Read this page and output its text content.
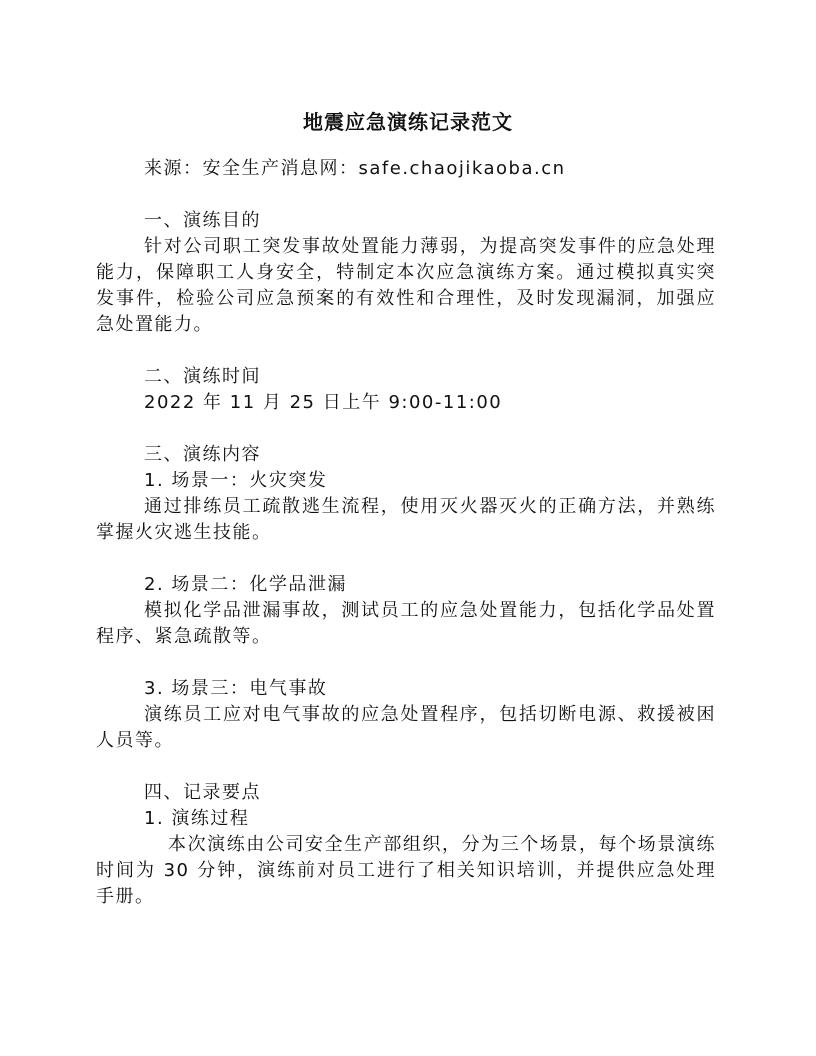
地震应急演练记录范文

来源：安全生产消息网：safe.chaojikaoba.cn

一、演练目的

针对公司职工突发事故处置能力薄弱，为提高突发事件的应急处理能力，保障职工人身安全，特制定本次应急演练方案。通过模拟真实突发事件，检验公司应急预案的有效性和合理性，及时发现漏洞，加强应急处置能力。

二、演练时间

2022 年 11 月 25 日上午 9:00-11:00

三、演练内容

1. 场景一：火灾突发

通过排练员工疏散逃生流程，使用灭火器灭火的正确方法，并熟练掌握火灾逃生技能。

2. 场景二：化学品泄漏

模拟化学品泄漏事故，测试员工的应急处置能力，包括化学品处置程序、紧急疏散等。

3. 场景三：电气事故

演练员工应对电气事故的应急处置程序，包括切断电源、救援被困人员等。

四、记录要点

1. 演练过程

本次演练由公司安全生产部组织，分为三个场景，每个场景演练时间为 30 分钟，演练前对员工进行了相关知识培训，并提供应急处理手册。
